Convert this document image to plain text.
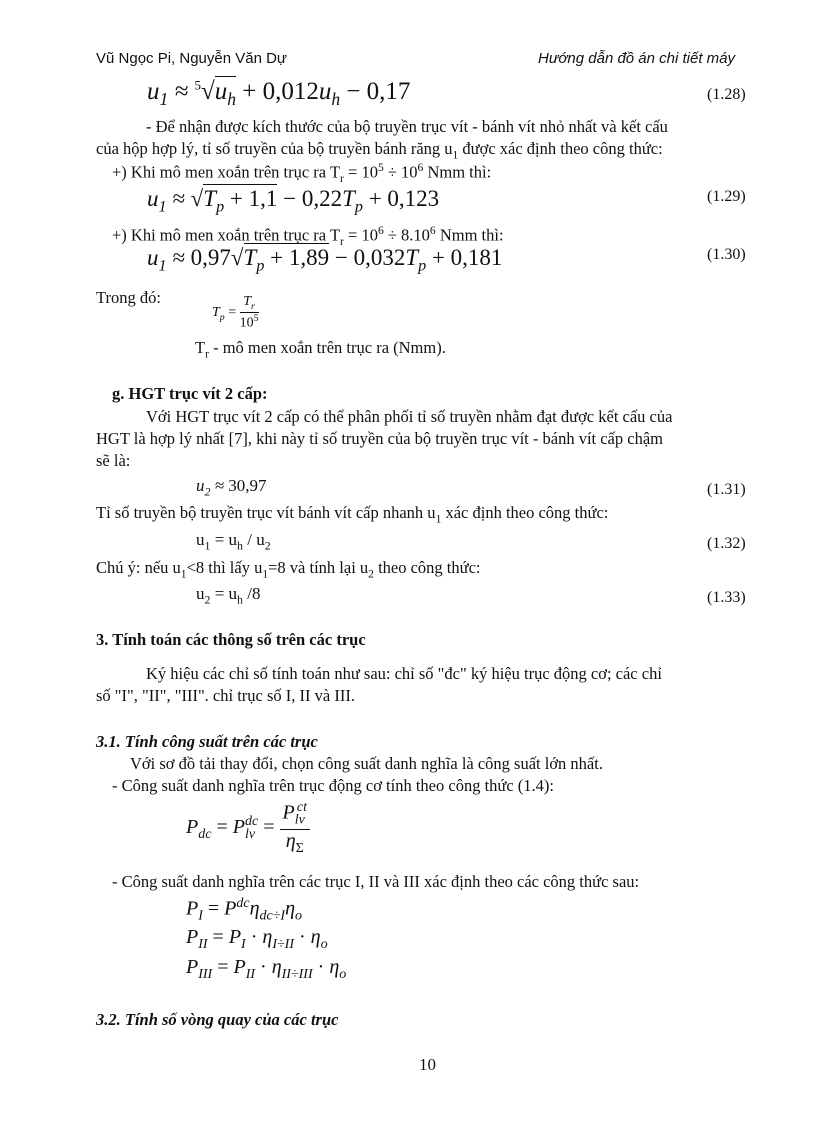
Vũ Ngọc Pi, Nguyễn Văn Dự	Hướng dẫn đồ án chi tiết máy
$u_1 \approx ^5√u_h + 0,012u_h - 0,17$	(1.28)
- Để nhận được kích thước của bộ truyền trục vít - bánh vít nhỏ nhất và kết cấu
của hộp hợp lý, tỉ số truyền của bộ truyền bánh răng $u_1$ được xác định theo công thức:
+) Khi mô men xoắn trên trục ra $T_r = 10^5 \div 10^6$ Nmm thì:
$u_1 \approx √T_p + 1,1 - 0,22T_p + 0,123$	(1.29)
+) Khi mô men xoắn trên trục ra $T_r = 10^6 \div 8.10^6$ Nmm thì:
$u_1 \approx 0,97√T_p + 1,89 - 0,032T_p + 0,181$	(1.30)
Trong đó:
$T_p = \frac{T_r}{10^5}$
$T_r$ - mô men xoắn trên trục ra (Nmm).
g. HGT trục vít 2 cấp:
Với HGT trục vít 2 cấp có thể phân phối tỉ số truyền nhằm đạt được kết cấu của
HGT là hợp lý nhất [7], khi này tỉ số truyền của bộ truyền trục vít - bánh vít cấp chậm
sẽ là:
$u_2 \approx 30,97$	(1.31)
Tỉ số truyền bộ truyền trục vít bánh vít cấp nhanh $u_1$ xác định theo công thức:
$u_1 = u_h / u_2$	(1.32)
Chú ý: nếu $u_1<8$ thì lấy $u_1=8$ và tính lại $u_2$ theo công thức:
$u_2 = u_h$ /8	(1.33)
3. Tính toán các thông số trên các trục
Ký hiệu các chỉ số tính toán như sau: chỉ số "đc" ký hiệu trục động cơ; các chỉ
số "I", "II", "III". chỉ trục số I, II và III.
3.1. Tính công suất trên các trục
Với sơ đồ tải thay đổi, chọn công suất danh nghĩa là công suất lớn nhất.
- Công suất danh nghĩa trên trục động cơ tính theo công thức (1.4):
$P_{dc} = P_{lv}^{dc} = \frac{P_{lv}^{ct}}{\eta_\Sigma}$
- Công suất danh nghĩa trên các trục I, II và III xác định theo các công thức sau:
$P_I = P^{dc}\eta_{dc\div I}\eta_o$
$P_{II} = P_I \cdot \eta_{I\div II} \cdot \eta_o$
$P_{III} = P_{II} \cdot \eta_{II\div III} \cdot \eta_o$
3.2. Tính số vòng quay của các trục
10
